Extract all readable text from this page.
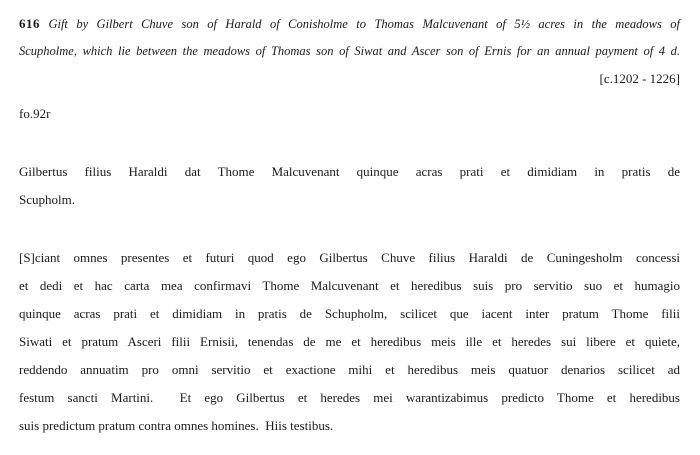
616 Gift by Gilbert Chuve son of Harald of Conisholme to Thomas Malcuvenant of 5½ acres in the meadows of
Scupholme, which lie between the meadows of Thomas son of Siwat and Ascer son of Ernis for an annual payment of 4 d.
[c.1202 - 1226]
fo.92r
Gilbertus filius Haraldi dat Thome Malcuvenant quinque acras prati et dimidiam in pratis de
Scupholm.
[S]ciant omnes presentes et futuri quod ego Gilbertus Chuve filius Haraldi de Cuningesholm concessi
et dedi et hac carta mea confirmavi Thome Malcuvenant et heredibus suis pro servitio suo et humagio
quinque acras prati et dimidiam in pratis de Schupholm, scilicet que iacent inter pratum Thome filii
Siwati et pratum Asceri filii Ernisii, tenendas de me et heredibus meis ille et heredes sui libere et quiete,
reddendo annuatim pro omni servitio et exactione mihi et heredibus meis quatuor denarios scilicet ad
festum sancti Martini.  Et ego Gilbertus et heredes mei warantizabimus predicto Thome et heredibus
suis predictum pratum contra omnes homines.  Hiis testibus.
